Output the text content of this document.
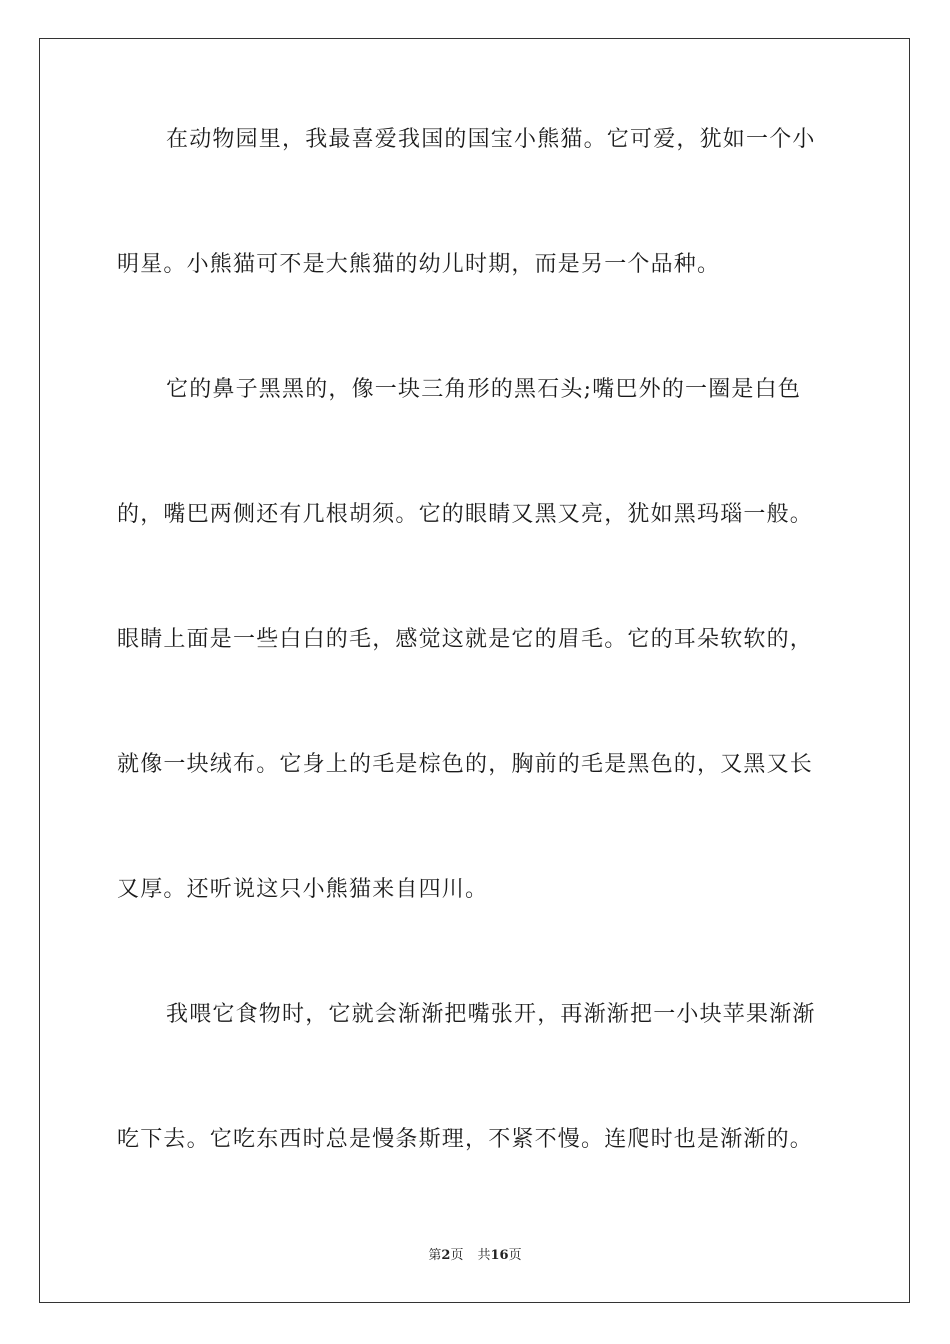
在动物园里，我最喜爱我国的国宝小熊猫。它可爱，犹如一个小
明星。小熊猫可不是大熊猫的幼儿时期，而是另一个品种。
它的鼻子黑黑的，像一块三角形的黑石头;嘴巴外的一圈是白色
的，嘴巴两侧还有几根胡须。它的眼睛又黑又亮，犹如黑玛瑙一般。
眼睛上面是一些白白的毛，感觉这就是它的眉毛。它的耳朵软软的，
就像一块绒布。它身上的毛是棕色的，胸前的毛是黑色的，又黑又长
又厚。还听说这只小熊猫来自四川。
我喂它食物时，它就会渐渐把嘴张开，再渐渐把一小块苹果渐渐
吃下去。它吃东西时总是慢条斯理，不紧不慢。连爬时也是渐渐的。
第2页 共16页
